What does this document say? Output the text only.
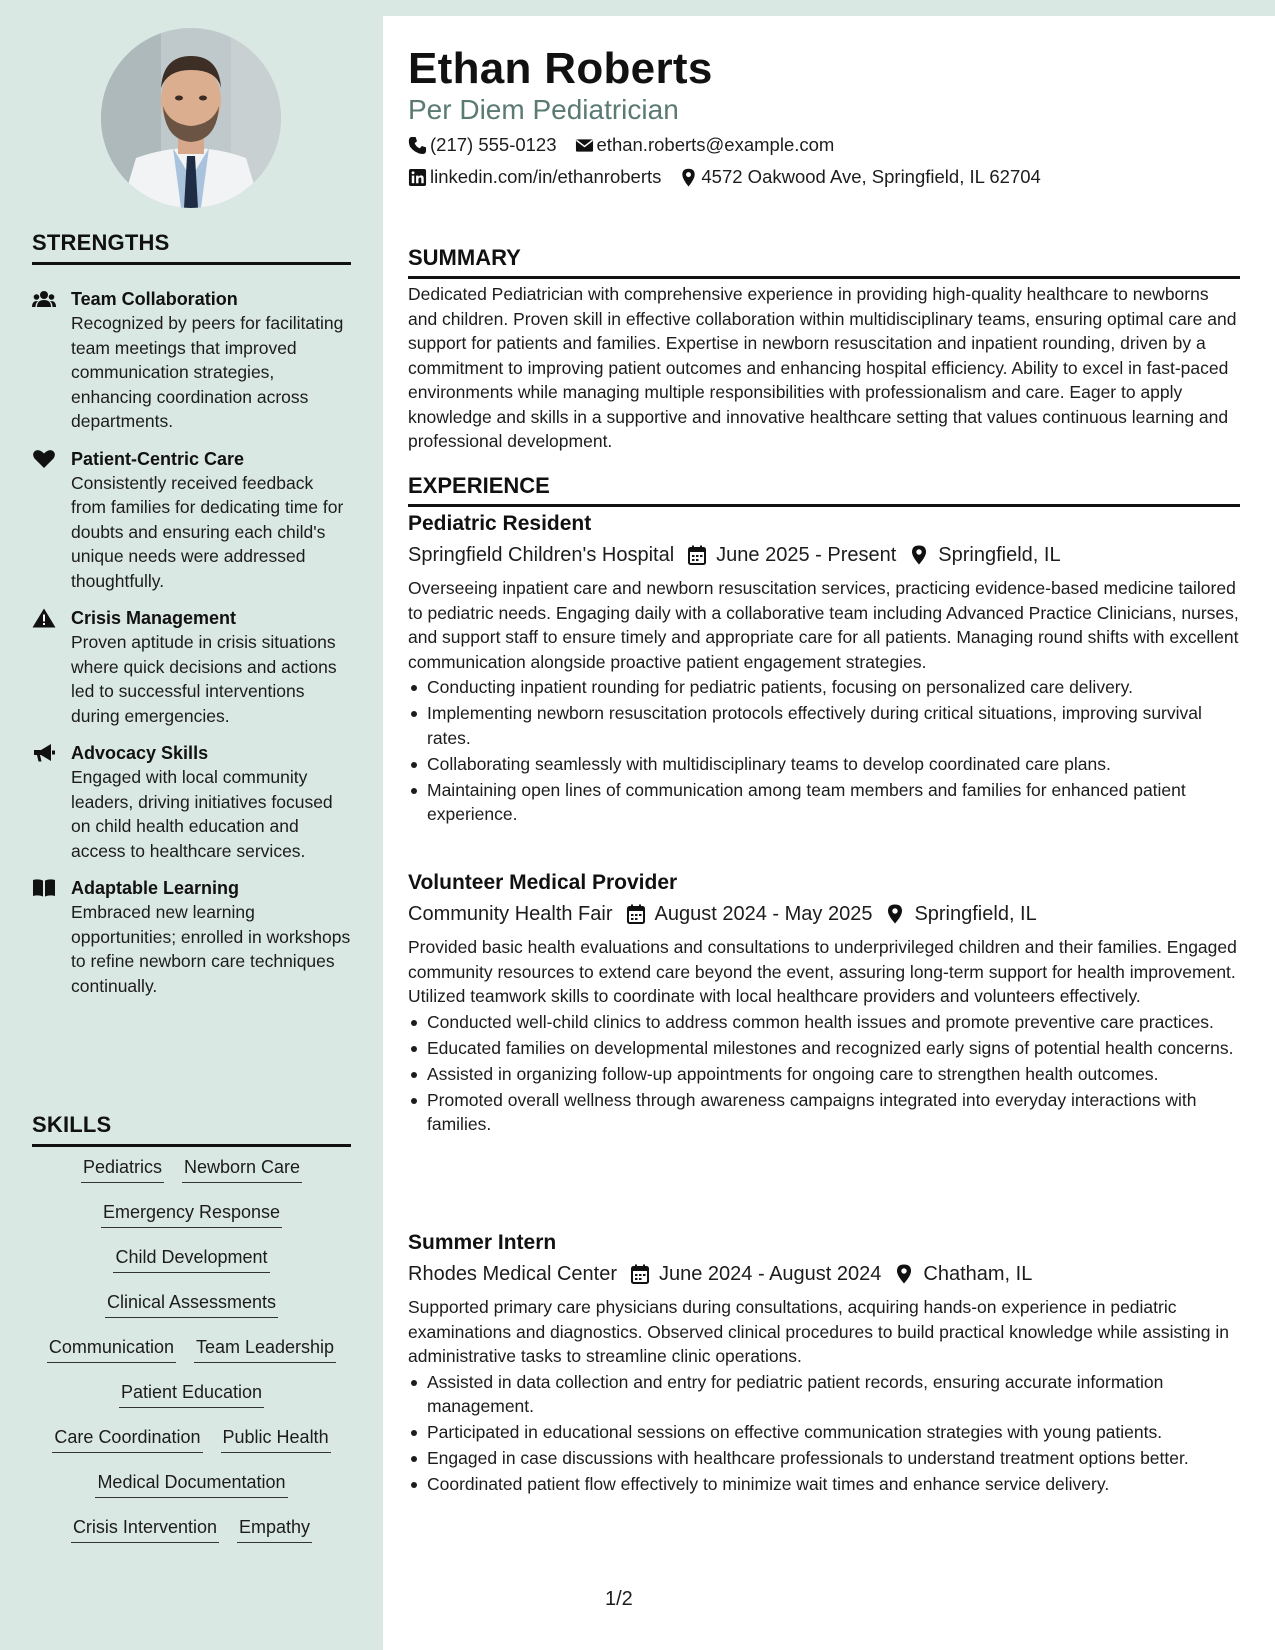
STRENGTHS
Team Collaboration
Recognized by peers for facilitating team meetings that improved communication strategies, enhancing coordination across departments.
Patient-Centric Care
Consistently received feedback from families for dedicating time for doubts and ensuring each child's unique needs were addressed thoughtfully.
Crisis Management
Proven aptitude in crisis situations where quick decisions and actions led to successful interventions during emergencies.
Advocacy Skills
Engaged with local community leaders, driving initiatives focused on child health education and access to healthcare services.
Adaptable Learning
Embraced new learning opportunities; enrolled in workshops to refine newborn care techniques continually.
SKILLS
Pediatrics Newborn Care
Emergency Response
Child Development
Clinical Assessments
Communication Team Leadership
Patient Education
Care Coordination Public Health
Medical Documentation
Crisis Intervention Empathy
Ethan Roberts
Per Diem Pediatrician
(217) 555-0123 ethan.roberts@example.com
linkedin.com/in/ethanroberts 4572 Oakwood Ave, Springfield, IL 62704
SUMMARY

Dedicated Pediatrician with comprehensive experience in providing high-quality healthcare to newborns and children. Proven skill in effective collaboration within multidisciplinary teams, ensuring optimal care and support for patients and families. Expertise in newborn resuscitation and inpatient rounding, driven by a commitment to improving patient outcomes and enhancing hospital efficiency. Ability to excel in fast-paced environments while managing multiple responsibilities with professionalism and care. Eager to apply knowledge and skills in a supportive and innovative healthcare setting that values continuous learning and professional development.

EXPERIENCE
Pediatric Resident
Springfield Children's Hospital June 2025 - Present Springfield, IL

Overseeing inpatient care and newborn resuscitation services, practicing evidence-based medicine tailored to pediatric needs. Engaging daily with a collaborative team including Advanced Practice Clinicians, nurses, and support staff to ensure timely and appropriate care for all patients. Managing round shifts with excellent communication alongside proactive patient engagement strategies.

Conducting inpatient rounding for pediatric patients, focusing on personalized care delivery.
Implementing newborn resuscitation protocols effectively during critical situations, improving survival rates.
Collaborating seamlessly with multidisciplinary teams to develop coordinated care plans.
Maintaining open lines of communication among team members and families for enhanced patient experience.
Volunteer Medical Provider
Community Health Fair August 2024 - May 2025 Springfield, IL

Provided basic health evaluations and consultations to underprivileged children and their families. Engaged community resources to extend care beyond the event, assuring long-term support for health improvement. Utilized teamwork skills to coordinate with local healthcare providers and volunteers effectively.

Conducted well-child clinics to address common health issues and promote preventive care practices.
Educated families on developmental milestones and recognized early signs of potential health concerns.
Assisted in organizing follow-up appointments for ongoing care to strengthen health outcomes.
Promoted overall wellness through awareness campaigns integrated into everyday interactions with families.
Summer Intern
Rhodes Medical Center June 2024 - August 2024 Chatham, IL

Supported primary care physicians during consultations, acquiring hands-on experience in pediatric examinations and diagnostics. Observed clinical procedures to build practical knowledge while assisting in administrative tasks to streamline clinic operations.

Assisted in data collection and entry for pediatric patient records, ensuring accurate information management.
Participated in educational sessions on effective communication strategies with young patients.
Engaged in case discussions with healthcare professionals to understand treatment options better.
Coordinated patient flow effectively to minimize wait times and enhance service delivery.
1/2
